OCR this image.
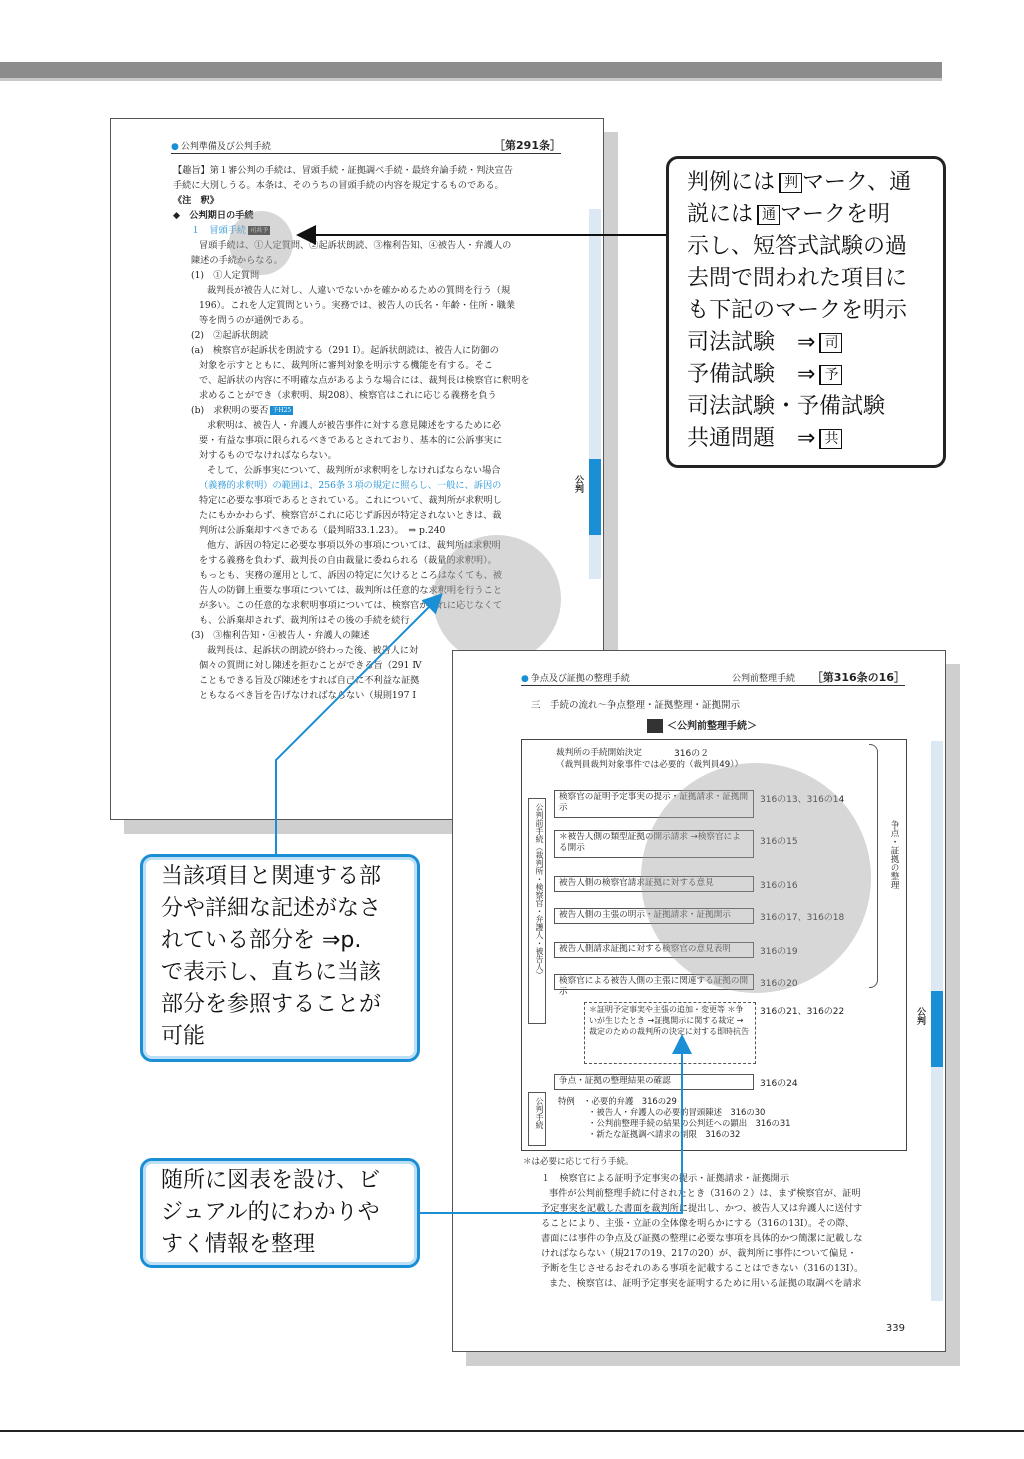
● 公判準備及び公判手続	［第291条］

【趣旨】第１審公判の手続は、冒頭手続・証拠調べ手続・最終弁論手続・判決宣告

手続に大別しうる。本条は、そのうちの冒頭手続の内容を規定するものである。

《注　釈》

◆　公判期日の手続

１　冒頭手続 司共予

冒頭手続は、①人定質問、②起訴状朗読、③権利告知、④被告人・弁護人の

陳述の手続からなる。

(1)　①人定質問

裁判長が被告人に対し、人違いでないかを確かめるための質問を行う（規

196）。これを人定質問という。実務では、被告人の氏名・年齢・住所・職業

等を問うのが通例である。

(2)　②起訴状朗読

(a)　検察官が起訴状を朗読する（291 Ⅰ）。起訴状朗読は、被告人に防御の

対象を示すとともに、裁判所に審判対象を明示する機能を有する。そこ

で、起訴状の内容に不明確な点があるような場合には、裁判長は検察官に釈明を

求めることができ（求釈明、規208）、検察官はこれに応じる義務を負う

(b)　求釈明の要否 予H25

求釈明は、被告人・弁護人が被告事件に対する意見陳述をするために必

要・有益な事項に限られるべきであるとされており、基本的に公訴事実に

対するものでなければならない。

そして、公訴事実について、裁判所が求釈明をしなければならない場合

（義務的求釈明）の範囲は、256条３項の規定に照らし、一般に、訴因の

特定に必要な事項であるとされている。これについて、裁判所が求釈明し

たにもかかわらず、検察官がこれに応じず訴因が特定されないときは、裁

判所は公訴棄却すべきである（最判昭33.1.23）。　⇒ p.240

他方、訴因の特定に必要な事項以外の事項については、裁判所は求釈明

をする義務を負わず、裁判長の自由裁量に委ねられる（裁量的求釈明）。

もっとも、実務の運用として、訴因の特定に欠けるところはなくても、被

告人の防御上重要な事項については、裁判所は任意的な求釈明を行うこと

が多い。この任意的な求釈明事項については、検察官がこれに応じなくて

も、公訴棄却されず、裁判所はその後の手続を続行

(3)　③権利告知・④被告人・弁護人の陳述

裁判長は、起訴状の朗読が終わった後、被告人に対

個々の質問に対し陳述を拒むことができる旨（291 Ⅳ

こともできる旨及び陳述をすれば自己に不利益な証拠

ともなるべき旨を告げなければならない（規則197 Ⅰ

公判
● 争点及び証拠の整理手続	公判前整理手続 ［第316条の16］
三　手続の流れ～争点整理・証拠整理・証拠開示
＜公判前整理手続＞
裁判所の手続開始決定	316の２
（裁判員裁判対象事件では必要的（裁判員49））
検察官の証明予定事実の提示・証拠請求・証拠開示
316の13、316の14
＊被告人側の類型証拠の開示請求 →検察官による開示
316の15
被告人側の検察官請求証拠に対する意見	316の16
被告人側の主張の明示・証拠請求・証拠開示	316の17、316の18
被告人側請求証拠に対する検察官の意見表明	316の19
検察官による被告人側の主張に関連する証拠の開示
316の20
＊証明予定事実や主張の追加・変更等 ＊争いが生じたとき →証拠開示に関する裁定 →裁定のための裁判所の決定に対する即時抗告
316の21、316の22
争点・証拠の整理結果の確認	316の24
公判前手続（裁判所・検察官・弁護人・被告人）
公判手続
争点・証拠の整理
特例　・必要的弁護　316の29
・被告人・弁護人の必要的冒頭陳述　316の30
・公判前整理手続の結果の公判廷への顕出　316の31
・新たな証拠調べ請求の制限　316の32
＊は必要に応じて行う手続。

１　検察官による証明予定事実の提示・証拠請求・証拠開示

事件が公判前整理手続に付されたとき（316の２）は、まず検察官が、証明

予定事実を記載した書面を裁判所に提出し、かつ、被告人又は弁護人に送付す

ることにより、主張・立証の全体像を明らかにする（316の13Ⅰ）。その際、

書面には事件の争点及び証拠の整理に必要な事項を具体的かつ簡潔に記載しな

ければならない（規217の19、217の20）が、裁判所に事件について偏見・

予断を生じさせるおそれのある事項を記載することはできない（316の13Ⅰ）。

また、検察官は、証明予定事実を証明するために用いる証拠の取調べを請求

339
公判
判例には 判 マーク、通
説には 通 マークを明
示し、短答式試験の過
去問で問われた項目に
も下記のマークを明示
司法試験　⇒ 司
予備試験　⇒ 予
司法試験・予備試験
共通問題　⇒ 共
当該項目と関連する部
分や詳細な記述がなさ
れている部分を ⇒p.
で表示し、直ちに当該
部分を参照することが
可能
随所に図表を設け、ビ
ジュアル的にわかりや
すく情報を整理
